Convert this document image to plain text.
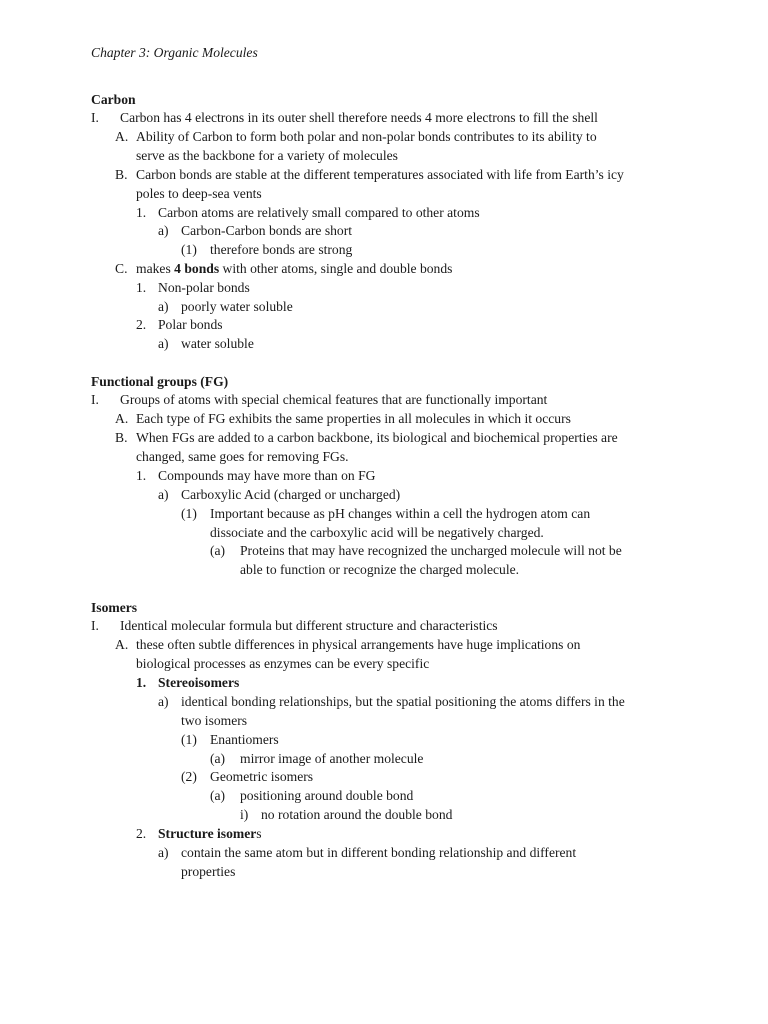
Chapter 3: Organic Molecules
Carbon
I. Carbon has 4 electrons in its outer shell therefore needs 4 more electrons to fill the shell
A. Ability of Carbon to form both polar and non-polar bonds contributes to its ability to
serve as the backbone for a variety of molecules
B. Carbon bonds are stable at the different temperatures associated with life from Earth’s icy
poles to deep-sea vents
1. Carbon atoms are relatively small compared to other atoms
a) Carbon-Carbon bonds are short
(1) therefore bonds are strong
C. makes 4 bonds with other atoms, single and double bonds
1. Non-polar bonds
a) poorly water soluble
2. Polar bonds
a) water soluble
Functional groups (FG)
I. Groups of atoms with special chemical features that are functionally important
A. Each type of FG exhibits the same properties in all molecules in which it occurs
B. When FGs are added to a carbon backbone, its biological and biochemical properties are
changed, same goes for removing FGs.
1. Compounds may have more than on FG
a) Carboxylic Acid (charged or uncharged)
(1) Important because as pH changes within a cell the hydrogen atom can
dissociate and the carboxylic acid will be negatively charged.
(a) Proteins that may have recognized the uncharged molecule will not be
able to function or recognize the charged molecule.
Isomers
I. Identical molecular formula but different structure and characteristics
A. these often subtle differences in physical arrangements have huge implications on
biological processes as enzymes can be every specific
1. Stereoisomers
a) identical bonding relationships, but the spatial positioning the atoms differs in the
two isomers
(1) Enantiomers
(a) mirror image of another molecule
(2) Geometric isomers
(a) positioning around double bond
i) no rotation around the double bond
2. Structure isomers
a) contain the same atom but in different bonding relationship and different
properties
